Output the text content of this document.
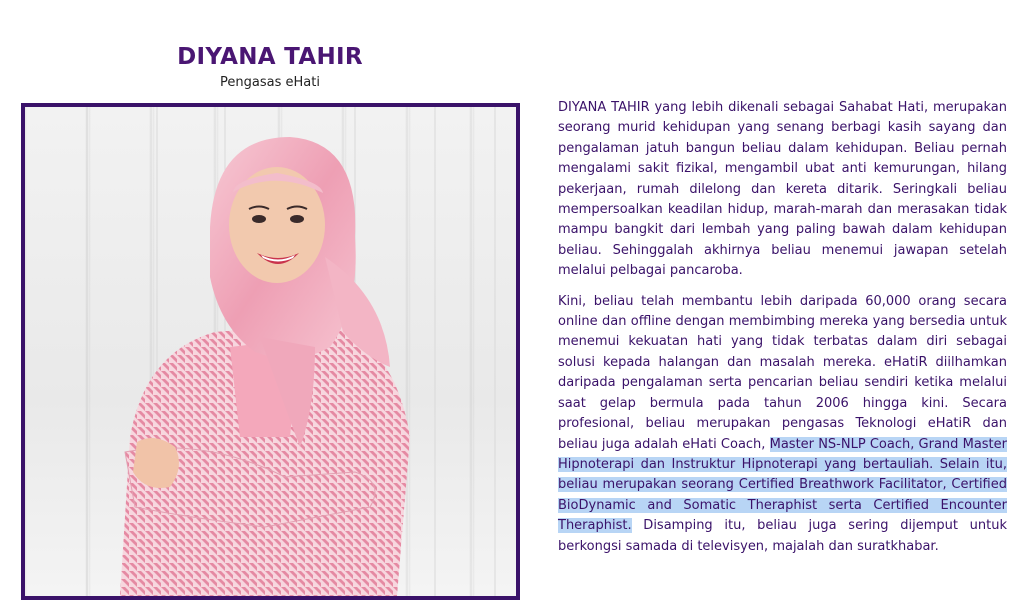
DIYANA TAHIR
Pengasas eHati

DIYANA TAHIR yang lebih dikenali sebagai Sahabat Hati, merupakan seorang murid kehidupan yang senang berbagi kasih sayang dan pengalaman jatuh bangun beliau dalam kehidupan. Beliau pernah mengalami sakit fizikal, mengambil ubat anti kemurungan, hilang pekerjaan, rumah dilelong dan kereta ditarik. Seringkali beliau mempersoalkan keadilan hidup, marah-marah dan merasakan tidak mampu bangkit dari lembah yang paling bawah dalam kehidupan beliau. Sehinggalah akhirnya beliau menemui jawapan setelah melalui pelbagai pancaroba.

Kini, beliau telah membantu lebih daripada 60,000 orang secara online dan offline dengan membimbing mereka yang bersedia untuk menemui kekuatan hati yang tidak terbatas dalam diri sebagai solusi kepada halangan dan masalah mereka. eHatiR diilhamkan daripada pengalaman serta pencarian beliau sendiri ketika melalui saat gelap bermula pada tahun 2006 hingga kini. Secara profesional, beliau merupakan pengasas Teknologi eHatiR dan beliau juga adalah eHati Coach, Master NS-NLP Coach, Grand Master Hipnoterapi dan Instruktur Hipnoterapi yang bertauliah. Selain itu, beliau merupakan seorang Certified Breathwork Facilitator, Certified BioDynamic and Somatic Theraphist serta Certified Encounter Theraphist. Disamping itu, beliau juga sering dijemput untuk berkongsi samada di televisyen, majalah dan suratkhabar.
